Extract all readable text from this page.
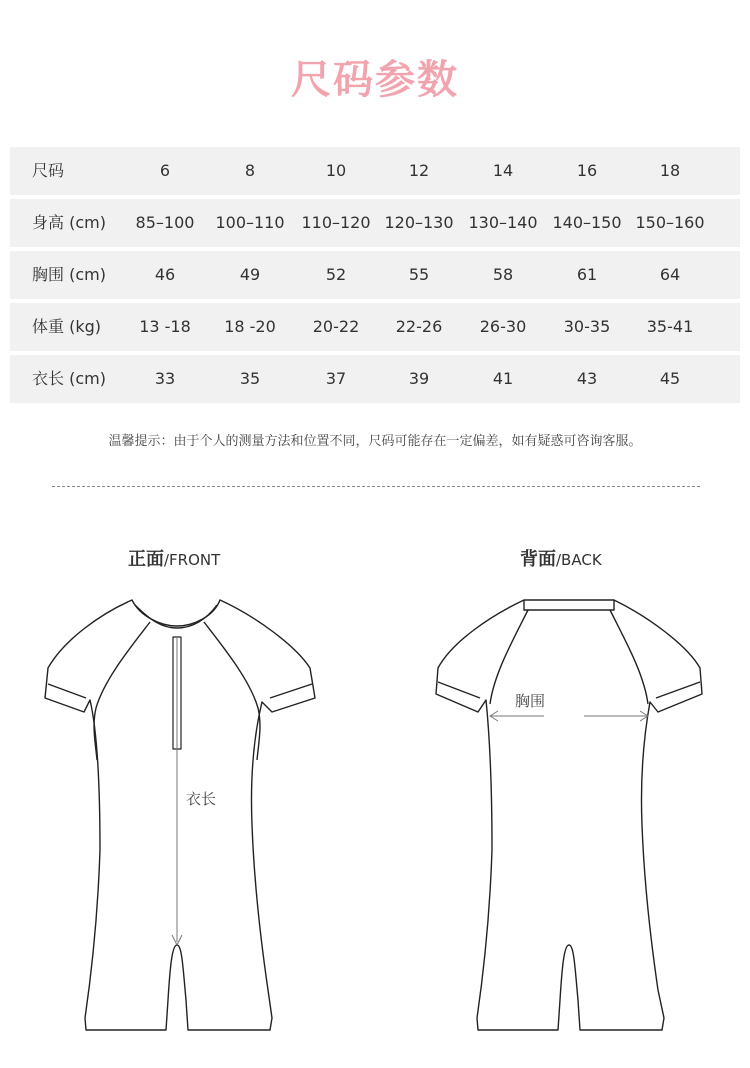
尺码参数
尺码	6	8	10	12	14	16	18
身高 (cm)	85–100	100–110	110–120 120–130 130–140 140–150 150–160
胸围 (cm)	46	49	52	55	58	61	64
体重 (kg)	13 -18	18 -20	20-22	22-26	26-30	30-35	35-41
衣长 (cm)	33	35	37	39	41	43	45
温馨提示：由于个人的测量方法和位置不同，尺码可能存在一定偏差，如有疑惑可咨询客服。
正面/FRONT	背面/BACK
衣长
胸围
